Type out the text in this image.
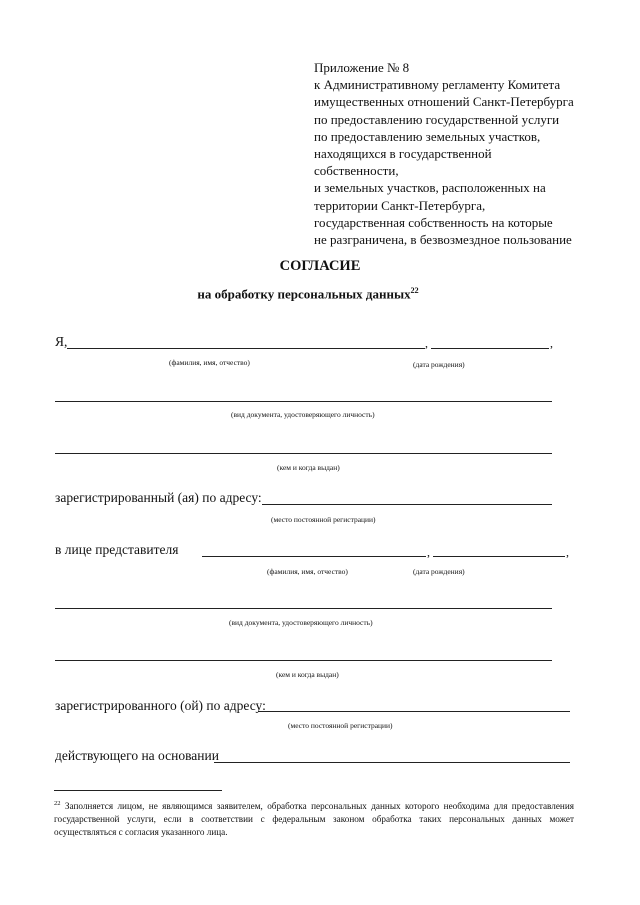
Приложение № 8
к Административному регламенту Комитета
имущественных отношений Санкт-Петербурга
по предоставлению государственной услуги
по предоставлению земельных участков,
находящихся в государственной
собственности,
и земельных участков, расположенных на
территории Санкт-Петербурга,
государственная собственность на которые
не разграничена, в безвозмездное пользование
СОГЛАСИЕ
на обработку персональных данных$^{22}$
Я,	,	,
(фамилия, имя, отчество)	(дата рождения)
(вид документа, удостоверяющего личность)
(кем и когда выдан)
зарегистрированный (ая) по адресу:
(место постоянной регистрации)
в лице представителя	,	,
(фамилия, имя, отчество)	(дата рождения)
(вид документа, удостоверяющего личность)
(кем и когда выдан)
зарегистрированного (ой) по адресу:
(место постоянной регистрации)
действующего на основании
$^{22}$ Заполняется лицом, не являющимся заявителем, обработка персональных данных которого необходима для предоставления государственной услуги, если в соответствии с федеральным законом обработка таких персональных данных может осуществляться с согласия указанного лица.
